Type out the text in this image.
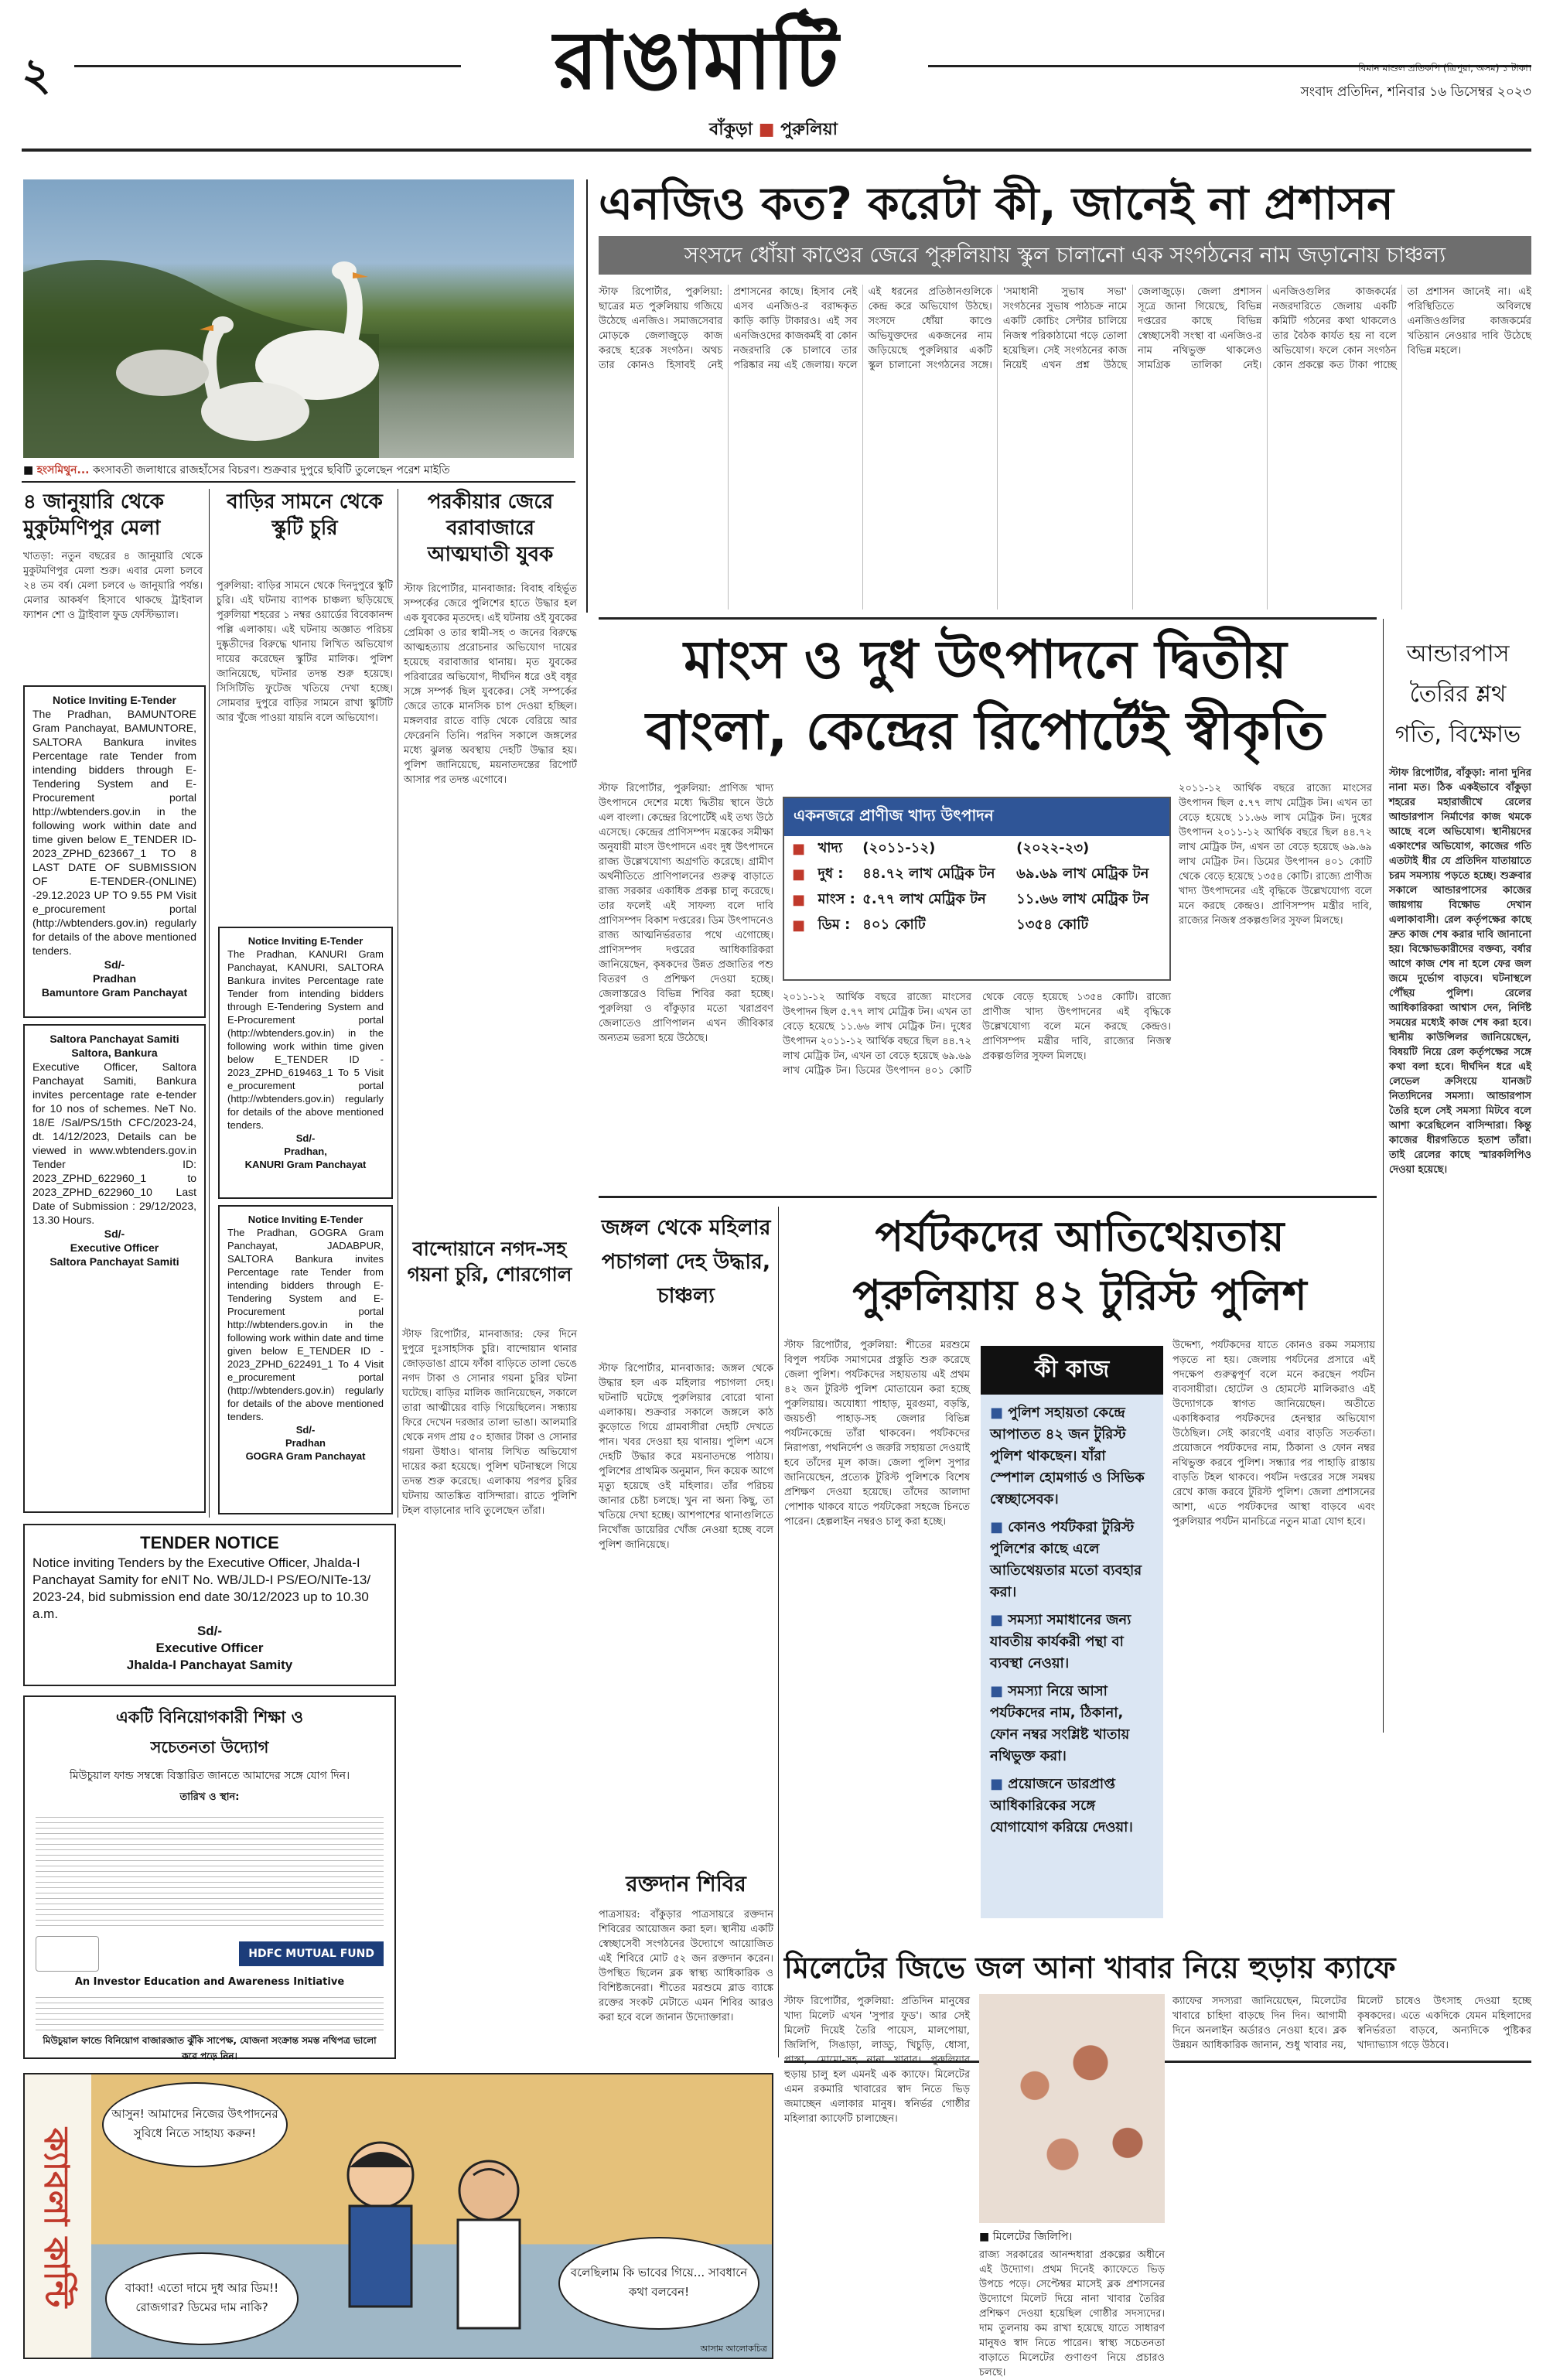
২	রাঙামাটি	বিমান মাশুল প্রতিকপি (ত্রিপুরা, অসম) ১ টাকা।
সংবাদ প্রতিদিন, শনিবার ১৬ ডিসেম্বর ২০২৩
বাঁকুড়া ■ পুরুলিয়া
■ হংসমিথুন... কংসাবতী জলাধারে রাজহাঁসের বিচরণ। শুক্রবার দুপুরে ছবিটি তুলেছেন পরেশ মাইতি
এনজিও কত? করেটা কী, জানেই না প্রশাসন
সংসদে ধোঁয়া কাণ্ডের জেরে পুরুলিয়ায় স্কুল চালানো এক সংগঠনের নাম জড়ানোয় চাঞ্চল্য
স্টাফ রিপোর্টার, পুরুলিয়া: ছাত্রের মত পুরুলিয়ায় গজিয়ে উঠেছে এনজিও। সমাজসেবার মোড়কে জেলাজুড়ে কাজ করছে হরেক সংগঠন। অথচ তার কোনও হিসাবই নেই প্রশাসনের কাছে। হিসাব নেই এসব এনজিও-র বরাদ্দকৃত কাড়ি কাড়ি টাকারও। এই সব এনজিওদের কাজকর্মই বা কোন নজরদারি কে চালাবে তার পরিষ্কার নয় এই জেলায়। ফলে এই ধরনের প্রতিষ্ঠানগুলিকে কেন্দ্র করে অভিযোগ উঠছে। সংসদে ধোঁয়া কাণ্ডে অভিযুক্তদের একজনের নাম জড়িয়েছে পুরুলিয়ার একটি স্কুল চালানো সংগঠনের সঙ্গে। 'সমাধানী সুভাষ সভা' সংগঠনের সুভাষ পাঠচক্র নামে একটি কোচিং সেন্টার চালিয়ে নিজস্ব পরিকাঠামো গড়ে তোলা হয়েছিল। সেই সংগঠনের কাজ নিয়েই এখন প্রশ্ন উঠছে জেলাজুড়ে। জেলা প্রশাসন সূত্রে জানা গিয়েছে, বিভিন্ন দপ্তরের কাছে বিভিন্ন স্বেচ্ছাসেবী সংস্থা বা এনজিও-র নাম নথিভুক্ত থাকলেও সামগ্রিক তালিকা নেই। এনজিওগুলির কাজকর্মের নজরদারিতে জেলায় একটি কমিটি গঠনের কথা থাকলেও তার বৈঠক কার্যত হয় না বলে অভিযোগ। ফলে কোন সংগঠন কোন প্রকল্পে কত টাকা পাচ্ছে তা প্রশাসন জানেই না। এই পরিস্থিতিতে অবিলম্বে এনজিওগুলির কাজকর্মের খতিয়ান নেওয়ার দাবি উঠেছে বিভিন্ন মহলে।
৪ জানুয়ারি থেকে মুকুটমণিপুর মেলা
খাতড়া: নতুন বছরের ৪ জানুয়ারি থেকে মুকুটমণিপুর মেলা শুরু। এবার মেলা চলবে ২৪ তম বর্ষ। মেলা চলবে ৬ জানুয়ারি পর্যন্ত। মেলার আকর্ষণ হিসাবে থাকছে ট্রাইবাল ফ্যাশন শো ও ট্রাইবাল ফুড ফেস্টিভ্যাল।
বাড়ির সামনে থেকে স্কুটি চুরি
পুরুলিয়া: বাড়ির সামনে থেকে দিনদুপুরে স্কুটি চুরি। এই ঘটনায় ব্যাপক চাঞ্চল্য ছড়িয়েছে পুরুলিয়া শহরের ১ নম্বর ওয়ার্ডের বিবেকানন্দ পল্লি এলাকায়। এই ঘটনায় অজ্ঞাত পরিচয় দুষ্কৃতীদের বিরুদ্ধে থানায় লিখিত অভিযোগ দায়ের করেছেন স্কুটির মালিক। পুলিশ জানিয়েছে, ঘটনার তদন্ত শুরু হয়েছে। সিসিটিভি ফুটেজ খতিয়ে দেখা হচ্ছে। সোমবার দুপুরে বাড়ির সামনে রাখা স্কুটিটি আর খুঁজে পাওয়া যায়নি বলে অভিযোগ।
পরকীয়ার জেরে বরাবাজারে আত্মঘাতী যুবক
স্টাফ রিপোর্টার, মানবাজার: বিবাহ বহির্ভূত সম্পর্কের জেরে পুলিশের হাতে উদ্ধার হল এক যুবকের মৃতদেহ। এই ঘটনায় ওই যুবকের প্রেমিকা ও তার স্বামী-সহ ৩ জনের বিরুদ্ধে আত্মহত্যায় প্ররোচনার অভিযোগ দায়ের হয়েছে বরাবাজার থানায়। মৃত যুবকের পরিবারের অভিযোগ, দীর্ঘদিন ধরে ওই বধূর সঙ্গে সম্পর্ক ছিল যুবকের। সেই সম্পর্কের জেরে তাকে মানসিক চাপ দেওয়া হচ্ছিল। মঙ্গলবার রাতে বাড়ি থেকে বেরিয়ে আর ফেরেননি তিনি। পরদিন সকালে জঙ্গলের মধ্যে ঝুলন্ত অবস্থায় দেহটি উদ্ধার হয়। পুলিশ জানিয়েছে, ময়নাতদন্তের রিপোর্ট আসার পর তদন্ত এগোবে।
Notice Inviting E-Tender
The Pradhan, BAMUNTORE Gram Panchayat, BAMUNTORE, SALTORA Bankura invites Percentage rate Tender from intending bidders through E-Tendering System and E-Procurement portal http://wbtenders.gov.in in the following work within date and time given below E_TENDER ID-2023_ZPHD_623667_1 TO 8 LAST DATE OF SUBMISSION OF E-TENDER-(ONLINE) -29.12.2023 UP TO 9.55 PM Visit e_procurement portal (http://wbtenders.gov.in) regularly for details of the above mentioned tenders.
Sd/-
Pradhan
Bamuntore Gram Panchayat
Saltora Panchayat Samiti
Saltora, Bankura
Executive Officer, Saltora Panchayat Samiti, Bankura invites percentage rate e-tender for 10 nos of schemes. NeT No. 18/E /Sal/PS/15th CFC/2023-24, dt. 14/12/2023, Details can be viewed in www.wbtenders.gov.in Tender ID: 2023_ZPHD_622960_1 to 2023_ZPHD_622960_10 Last Date of Submission : 29/12/2023, 13.30 Hours.
Sd/-
Executive Officer
Saltora Panchayat Samiti
Notice Inviting E-Tender
The Pradhan, KANURI Gram Panchayat, KANURI, SALTORA Bankura invites Percentage rate Tender from intending bidders through E-Tendering System and E-Procurement portal (http://wbtenders.gov.in) in the following work within time given below E_TENDER ID - 2023_ZPHD_619463_1 To 5 Visit e_procurement portal (http://wbtenders.gov.in) regularly for details of the above mentioned tenders.
Sd/-
Pradhan,
KANURI Gram Panchayat
Notice Inviting E-Tender
The Pradhan, GOGRA Gram Panchayat, JADABPUR, SALTORA Bankura invites Percentage rate Tender from intending bidders through E-Tendering System and E-Procurement portal http://wbtenders.gov.in in the following work within date and time given below E_TENDER ID - 2023_ZPHD_622491_1 To 4 Visit e_procurement portal (http://wbtenders.gov.in) regularly for details of the above mentioned tenders.
Sd/-
Pradhan
GOGRA Gram Panchayat
বান্দোয়ানে নগদ-সহ গয়না চুরি, শোরগোল
স্টাফ রিপোর্টার, মানবাজার: ফের দিনে দুপুরে দুঃসাহসিক চুরি। বান্দোয়ান থানার জোড়ডাঙা গ্রামে ফাঁকা বাড়িতে তালা ভেঙে নগদ টাকা ও সোনার গয়না চুরির ঘটনা ঘটেছে। বাড়ির মালিক জানিয়েছেন, সকালে তারা আত্মীয়ের বাড়ি গিয়েছিলেন। সন্ধ্যায় ফিরে দেখেন দরজার তালা ভাঙা। আলমারি থেকে নগদ প্রায় ৫০ হাজার টাকা ও সোনার গয়না উধাও। থানায় লিখিত অভিযোগ দায়ের করা হয়েছে। পুলিশ ঘটনাস্থলে গিয়ে তদন্ত শুরু করেছে। এলাকায় পরপর চুরির ঘটনায় আতঙ্কিত বাসিন্দারা। রাতে পুলিশি টহল বাড়ানোর দাবি তুলেছেন তাঁরা।
TENDER NOTICE
Notice inviting Tenders by the Executive Officer, Jhalda-I Panchayat Samity for eNIT No. WB/JLD-I PS/EO/NITe-13/ 2023-24, bid submission end date 30/12/2023 up to 10.30 a.m.
Sd/-
Executive Officer
Jhalda-I Panchayat Samity
একটি বিনিয়োগকারী শিক্ষা ও
সচেতনতা উদ্যোগ
মিউচুয়াল ফান্ড সম্বন্ধে বিস্তারিত জানতে আমাদের সঙ্গে যোগ দিন।
তারিখ ও স্থান:
HDFC MUTUAL FUND
An Investor Education and Awareness Initiative
মিউচুয়াল ফান্ডে বিনিয়োগ বাজারজাত ঝুঁকি সাপেক্ষ, যোজনা সংক্রান্ত সমস্ত নথিপত্র ভালো করে পড়ে নিন।
মাংস ও দুধ উৎপাদনে দ্বিতীয়
বাংলা, কেন্দ্রের রিপোর্টেই স্বীকৃতি
স্টাফ রিপোর্টার, পুরুলিয়া: প্রাণিজ খাদ্য উৎপাদনে দেশের মধ্যে দ্বিতীয় স্থানে উঠে এল বাংলা। কেন্দ্রের রিপোর্টেই এই তথ্য উঠে এসেছে। কেন্দ্রের প্রাণিসম্পদ মন্ত্রকের সমীক্ষা অনুযায়ী মাংস উৎপাদনে এবং দুধ উৎপাদনে রাজ্য উল্লেখযোগ্য অগ্রগতি করেছে। গ্রামীণ অর্থনীতিতে প্রাণিপালনের গুরুত্ব বাড়াতে রাজ্য সরকার একাধিক প্রকল্প চালু করেছে। তার ফলেই এই সাফল্য বলে দাবি প্রাণিসম্পদ বিকাশ দপ্তরের। ডিম উৎপাদনেও রাজ্য আত্মনির্ভরতার পথে এগোচ্ছে। প্রাণিসম্পদ দপ্তরের আধিকারিকরা জানিয়েছেন, কৃষকদের উন্নত প্রজাতির পশু বিতরণ ও প্রশিক্ষণ দেওয়া হচ্ছে। জেলাস্তরেও বিভিন্ন শিবির করা হচ্ছে। পুরুলিয়া ও বাঁকুড়ার মতো খরাপ্রবণ জেলাতেও প্রাণিপালন এখন জীবিকার অন্যতম ভরসা হয়ে উঠেছে।
একনজরে প্রাণীজ খাদ্য উৎপাদন
■	খাদ্য	(২০১১-১২)	(২০২২-২৩)
■	দুধ :	৪৪.৭২ লাখ মেট্রিক টন	৬৯.৬৯ লাখ মেট্রিক টন
■	মাংস :	৫.৭৭ লাখ মেট্রিক টন	১১.৬৬ লাখ মেট্রিক টন
■	ডিম :	৪০১ কোটি	১৩৫৪ কোটি
২০১১-১২ আর্থিক বছরে রাজ্যে মাংসের উৎপাদন ছিল ৫.৭৭ লাখ মেট্রিক টন। এখন তা বেড়ে হয়েছে ১১.৬৬ লাখ মেট্রিক টন। দুধের উৎপাদন ২০১১-১২ আর্থিক বছরে ছিল ৪৪.৭২ লাখ মেট্রিক টন, এখন তা বেড়ে হয়েছে ৬৯.৬৯ লাখ মেট্রিক টন। ডিমের উৎপাদন ৪০১ কোটি থেকে বেড়ে হয়েছে ১৩৫৪ কোটি। রাজ্যে প্রাণীজ খাদ্য উৎপাদনের এই বৃদ্ধিকে উল্লেখযোগ্য বলে মনে করছে কেন্দ্রও। প্রাণিসম্পদ মন্ত্রীর দাবি, রাজ্যের নিজস্ব প্রকল্পগুলির সুফল মিলছে।
২০১১-১২ আর্থিক বছরে রাজ্যে মাংসের উৎপাদন ছিল ৫.৭৭ লাখ মেট্রিক টন। এখন তা বেড়ে হয়েছে ১১.৬৬ লাখ মেট্রিক টন। দুধের উৎপাদন ২০১১-১২ আর্থিক বছরে ছিল ৪৪.৭২ লাখ মেট্রিক টন, এখন তা বেড়ে হয়েছে ৬৯.৬৯ লাখ মেট্রিক টন। ডিমের উৎপাদন ৪০১ কোটি থেকে বেড়ে হয়েছে ১৩৫৪ কোটি। রাজ্যে প্রাণীজ খাদ্য উৎপাদনের এই বৃদ্ধিকে উল্লেখযোগ্য বলে মনে করছে কেন্দ্রও। প্রাণিসম্পদ মন্ত্রীর দাবি, রাজ্যের নিজস্ব প্রকল্পগুলির সুফল মিলছে।
আন্ডারপাস
তৈরির শ্লথ
গতি, বিক্ষোভ
স্টাফ রিপোর্টার, বাঁকুড়া: নানা দুনির নানা মত। ঠিক একইভাবে বাঁকুড়া শহরের মহারাজীখে রেলের আন্ডারপাস নির্মাণের কাজ থমকে আছে বলে অভিযোগ। স্থানীয়দের একাংশের অভিযোগ, কাজের গতি এতটাই ধীর যে প্রতিদিন যাতায়াতে চরম সমস্যায় পড়তে হচ্ছে। শুক্রবার সকালে আন্ডারপাসের কাজের জায়গায় বিক্ষোভ দেখান এলাকাবাসী। রেল কর্তৃপক্ষের কাছে দ্রুত কাজ শেষ করার দাবি জানানো হয়। বিক্ষোভকারীদের বক্তব্য, বর্ষার আগে কাজ শেষ না হলে ফের জল জমে দুর্ভোগ বাড়বে। ঘটনাস্থলে পৌঁছয় পুলিশ। রেলের আধিকারিকরা আশ্বাস দেন, নির্দিষ্ট সময়ের মধ্যেই কাজ শেষ করা হবে। স্থানীয় কাউন্সিলর জানিয়েছেন, বিষয়টি নিয়ে রেল কর্তৃপক্ষের সঙ্গে কথা বলা হবে। দীর্ঘদিন ধরে এই লেভেল ক্রসিংয়ে যানজট নিত্যদিনের সমস্যা। আন্ডারপাস তৈরি হলে সেই সমস্যা মিটবে বলে আশা করেছিলেন বাসিন্দারা। কিন্তু কাজের ধীরগতিতে হতাশ তাঁরা। তাই রেলের কাছে স্মারকলিপিও দেওয়া হয়েছে।
জঙ্গল থেকে মহিলার পচাগলা দেহ উদ্ধার, চাঞ্চল্য
স্টাফ রিপোর্টার, মানবাজার: জঙ্গল থেকে উদ্ধার হল এক মহিলার পচাগলা দেহ। ঘটনাটি ঘটেছে পুরুলিয়ার বোরো থানা এলাকায়। শুক্রবার সকালে জঙ্গলে কাঠ কুড়োতে গিয়ে গ্রামবাসীরা দেহটি দেখতে পান। খবর দেওয়া হয় থানায়। পুলিশ এসে দেহটি উদ্ধার করে ময়নাতদন্তে পাঠায়। পুলিশের প্রাথমিক অনুমান, দিন কয়েক আগে মৃত্যু হয়েছে ওই মহিলার। তাঁর পরিচয় জানার চেষ্টা চলছে। খুন না অন্য কিছু, তা খতিয়ে দেখা হচ্ছে। আশপাশের থানাগুলিতে নিখোঁজ ডায়েরির খোঁজ নেওয়া হচ্ছে বলে পুলিশ জানিয়েছে।
রক্তদান শিবির
পাত্রসায়র: বাঁকুড়ার পাত্রসায়রে রক্তদান শিবিরের আয়োজন করা হল। স্থানীয় একটি স্বেচ্ছাসেবী সংগঠনের উদ্যোগে আয়োজিত এই শিবিরে মোট ৫২ জন রক্তদান করেন। উপস্থিত ছিলেন ব্লক স্বাস্থ্য আধিকারিক ও বিশিষ্টজনেরা। শীতের মরশুমে ব্লাড ব্যাঙ্কে রক্তের সংকট মেটাতে এমন শিবির আরও করা হবে বলে জানান উদ্যোক্তারা।
পর্যটকদের আতিথেয়তায়
পুরুলিয়ায় ৪২ টুরিস্ট পুলিশ
স্টাফ রিপোর্টার, পুরুলিয়া: শীতের মরশুমে বিপুল পর্যটক সমাগমের প্রস্তুতি শুরু করেছে জেলা পুলিশ। পর্যটকদের সহায়তায় এই প্রথম ৪২ জন টুরিস্ট পুলিশ মোতায়েন করা হচ্ছে পুরুলিয়ায়। অযোধ্যা পাহাড়, মুরগুমা, বড়ন্তি, জয়চণ্ডী পাহাড়-সহ জেলার বিভিন্ন পর্যটনকেন্দ্রে তাঁরা থাকবেন। পর্যটকদের নিরাপত্তা, পথনির্দেশ ও জরুরি সহায়তা দেওয়াই হবে তাঁদের মূল কাজ। জেলা পুলিশ সুপার জানিয়েছেন, প্রত্যেক টুরিস্ট পুলিশকে বিশেষ প্রশিক্ষণ দেওয়া হয়েছে। তাঁদের আলাদা পোশাক থাকবে যাতে পর্যটকেরা সহজে চিনতে পারেন। হেল্পলাইন নম্বরও চালু করা হচ্ছে।
কী কাজ
■ পুলিশ সহায়তা কেন্দ্রে আপাতত ৪২ জন টুরিস্ট পুলিশ থাকছেন। যাঁরা স্পেশাল হোমগার্ড ও সিভিক স্বেচ্ছাসেবক।
■ কোনও পর্যটকরা টুরিস্ট পুলিশের কাছে এলে আতিথেয়তার মতো ব্যবহার করা।
■ সমস্যা সমাধানের জন্য যাবতীয় কার্যকরী পন্থা বা ব্যবস্থা নেওয়া।
■ সমস্যা নিয়ে আসা পর্যটকদের নাম, ঠিকানা, ফোন নম্বর সংশ্লিষ্ট খাতায় নথিভুক্ত করা।
■ প্রয়োজনে ডারপ্রাপ্ত আধিকারিকের সঙ্গে যোগাযোগ করিয়ে দেওয়া।
উদ্দেশ্য, পর্যটকদের যাতে কোনও রকম সমস্যায় পড়তে না হয়। জেলায় পর্যটনের প্রসারে এই পদক্ষেপ গুরুত্বপূর্ণ বলে মনে করছেন পর্যটন ব্যবসায়ীরা। হোটেল ও হোমস্টে মালিকরাও এই উদ্যোগকে স্বাগত জানিয়েছেন। অতীতে একাধিকবার পর্যটকদের হেনস্থার অভিযোগ উঠেছিল। সেই কারণেই এবার বাড়তি সতর্কতা। প্রয়োজনে পর্যটকদের নাম, ঠিকানা ও ফোন নম্বর নথিভুক্ত করবে পুলিশ। সন্ধ্যার পর পাহাড়ি রাস্তায় বাড়তি টহল থাকবে। পর্যটন দপ্তরের সঙ্গে সমন্বয় রেখে কাজ করবে টুরিস্ট পুলিশ। জেলা প্রশাসনের আশা, এতে পর্যটকদের আস্থা বাড়বে এবং পুরুলিয়ার পর্যটন মানচিত্রে নতুন মাত্রা যোগ হবে।
মিলেটের জিভে জল আনা খাবার নিয়ে হুড়ায় ক্যাফে
স্টাফ রিপোর্টার, পুরুলিয়া: প্রতিদিন মানুষের খাদ্য মিলেট এখন 'সুপার ফুড'। আর সেই মিলেট দিয়েই তৈরি পায়েস, মালপোয়া, জিলিপি, সিঙাড়া, লাড্ডু, খিচুড়ি, ধোসা, পাস্তা, মোমো-সহ নানা খাবার। পুরুলিয়ার হুড়ায় চালু হল এমনই এক ক্যাফে। মিলেটের এমন রকমারি খাবারের স্বাদ নিতে ভিড় জমাচ্ছেন এলাকার মানুষ। স্বনির্ভর গোষ্ঠীর মহিলারা ক্যাফেটি চালাচ্ছেন।
■ মিলেটের জিলিপি।
রাজ্য সরকারের আনন্দধারা প্রকল্পের অধীনে এই উদ্যোগ। প্রথম দিনেই ক্যাফেতে ভিড় উপচে পড়ে। সেপ্টেম্বর মাসেই ব্লক প্রশাসনের উদ্যোগে মিলেট দিয়ে নানা খাবার তৈরির প্রশিক্ষণ দেওয়া হয়েছিল গোষ্ঠীর সদস্যদের। দাম তুলনায় কম রাখা হয়েছে যাতে সাধারণ মানুষও স্বাদ নিতে পারেন। স্বাস্থ্য সচেতনতা বাড়াতে মিলেটের গুণাগুণ নিয়ে প্রচারও চলছে।
ক্যাফের সদস্যরা জানিয়েছেন, মিলেটের খাবারে চাহিদা বাড়ছে দিন দিন। আগামী দিনে অনলাইন অর্ডারও নেওয়া হবে। ব্লক উন্নয়ন আধিকারিক জানান, শুধু খাবার নয়, মিলেট চাষেও উৎসাহ দেওয়া হচ্ছে কৃষকদের। এতে একদিকে যেমন মহিলাদের স্বনির্ভরতা বাড়বে, অন্যদিকে পুষ্টিকর খাদ্যাভ্যাস গড়ে উঠবে।
ক্যাবলা কান্টি
আসুন! আমাদের নিজের উৎপাদনের সুবিধে নিতে সাহায্য করুন!
বাব্বা! এতো দামে দুধ আর ডিম!! রোজগার? ডিমের দাম নাকি?
বলেছিলাম কি ভাবের গিয়ে... সাবধানে কথা বলবেন!
আসাম আলোকচিত্র
